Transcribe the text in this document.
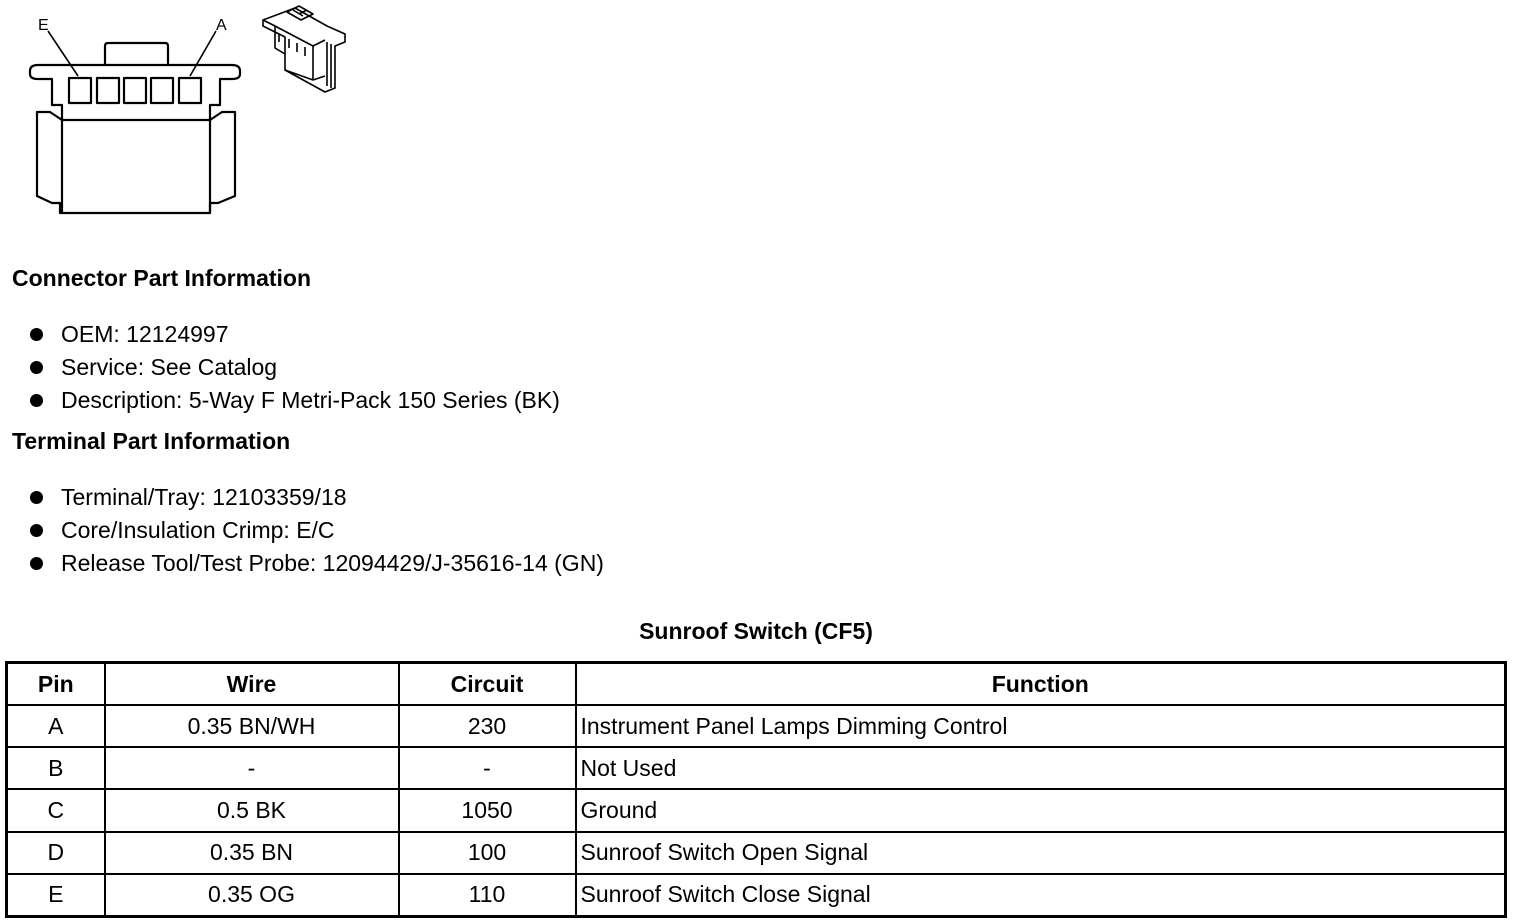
E	A
Connector Part Information
OEM: 12124997
Service: See Catalog
Description: 5-Way F Metri-Pack 150 Series (BK)
Terminal Part Information
Terminal/Tray: 12103359/18
Core/Insulation Crimp: E/C
Release Tool/Test Probe: 12094429/J-35616-14 (GN)
Sunroof Switch (CF5)
Pin	Wire	Circuit	Function
A	0.35 BN/WH	230	Instrument Panel Lamps Dimming Control
B	-	-	Not Used
C	0.5 BK	1050	Ground
D	0.35 BN	100	Sunroof Switch Open Signal
E	0.35 OG	110	Sunroof Switch Close Signal
